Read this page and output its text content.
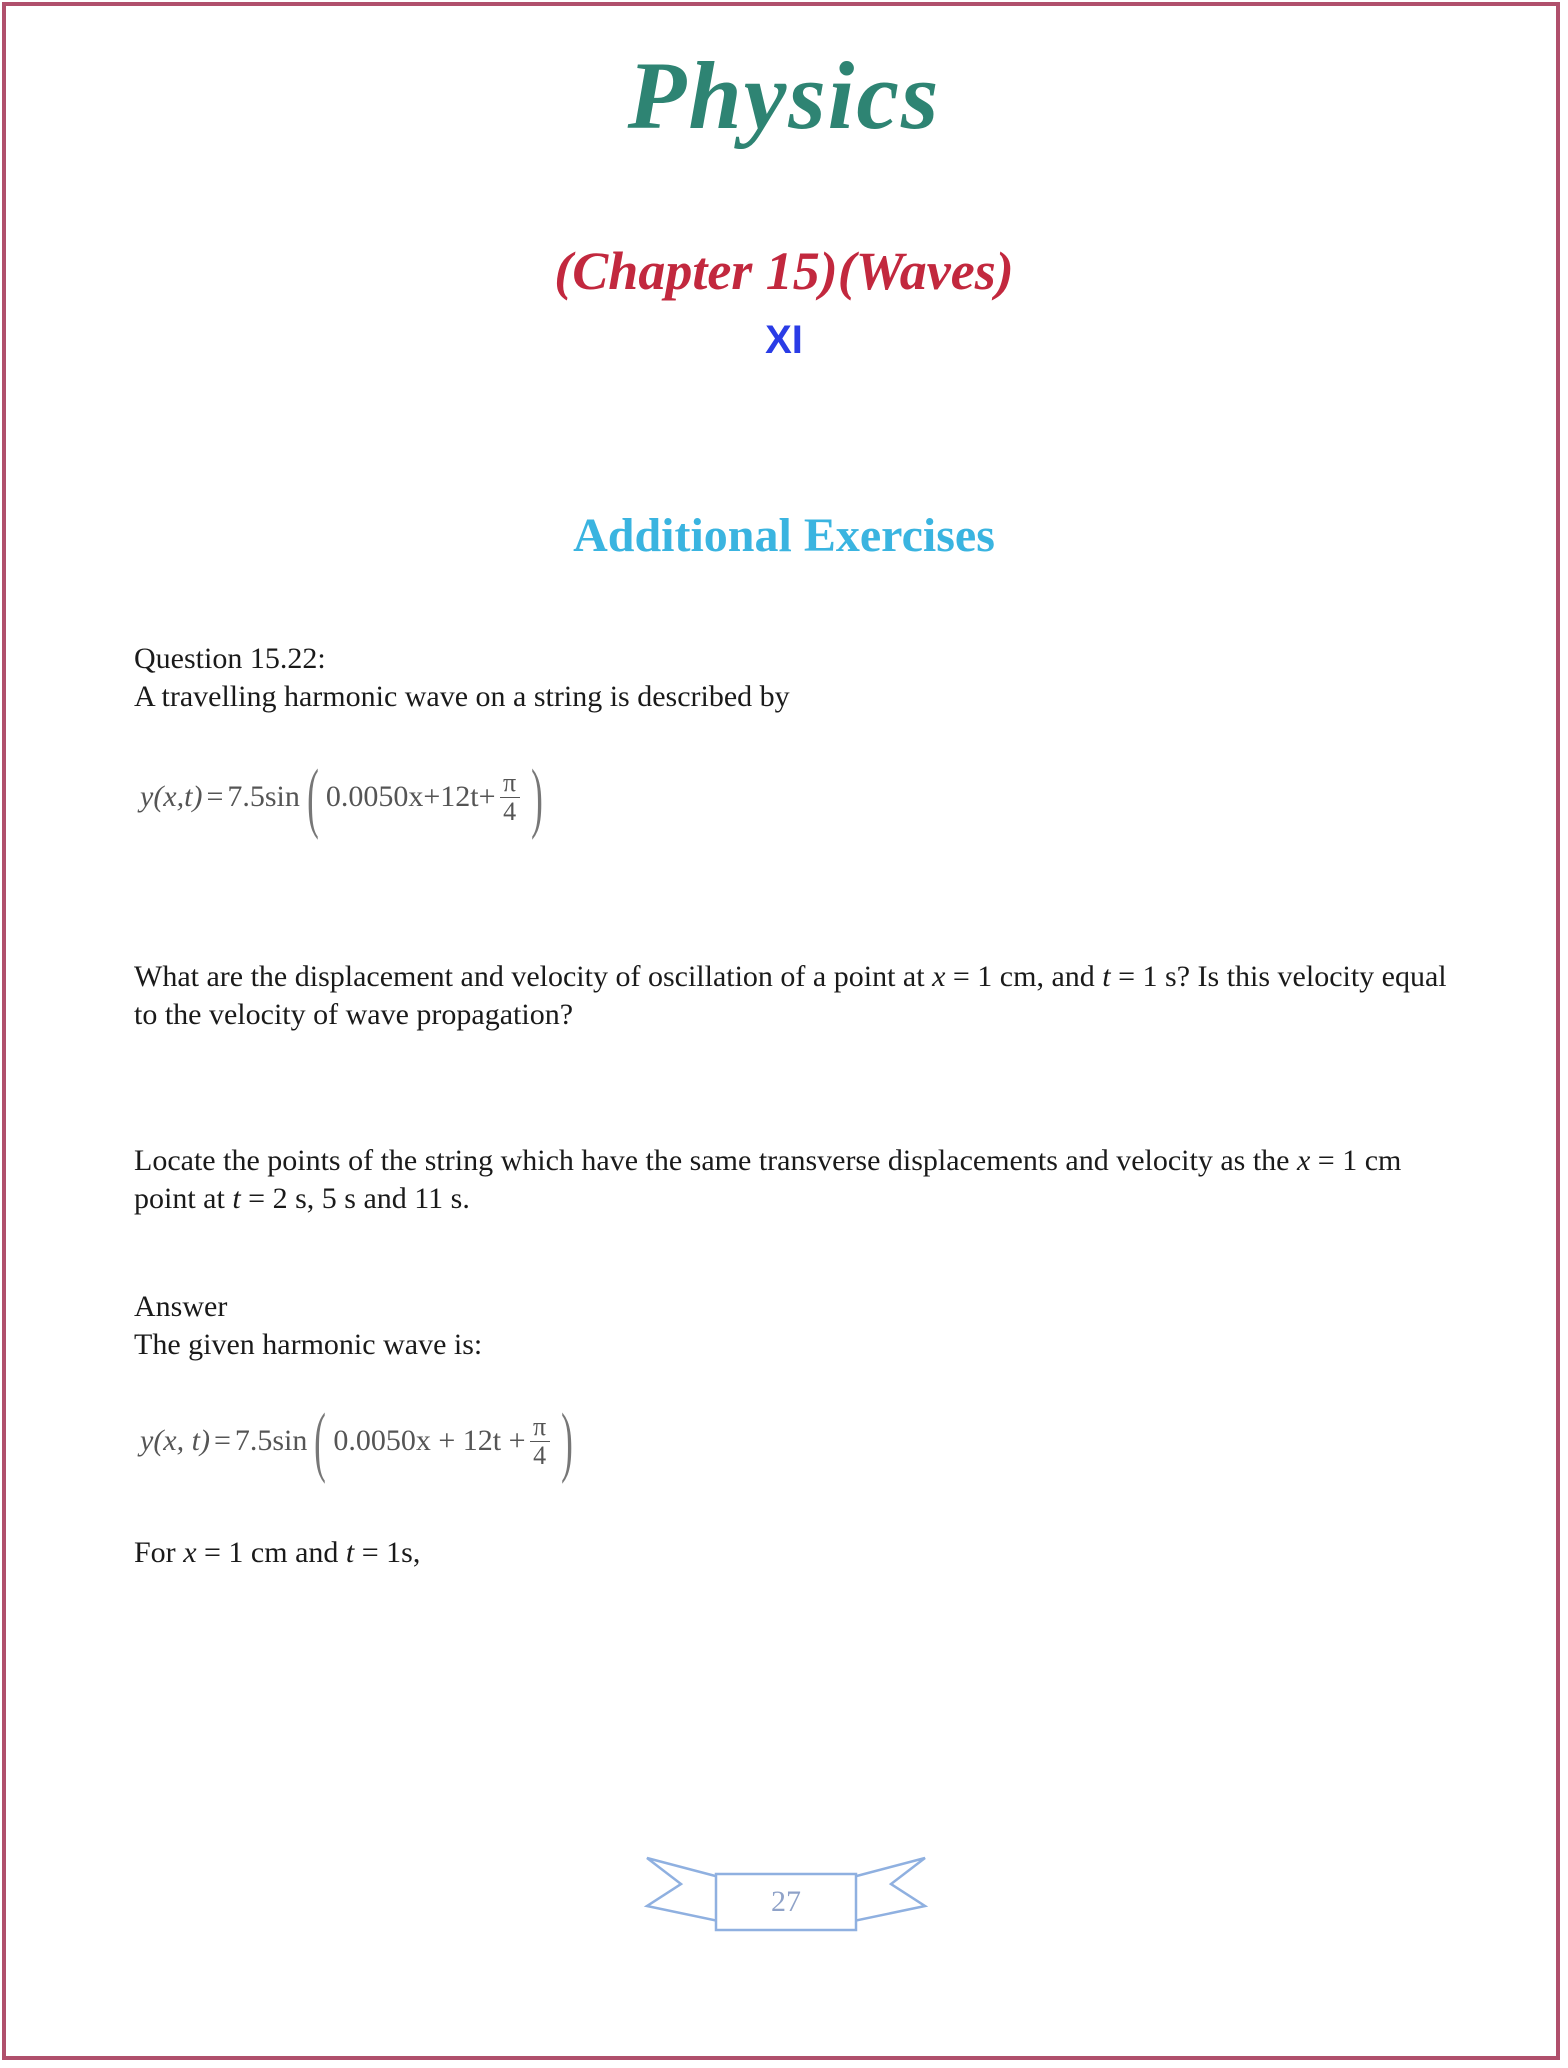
Physics
(Chapter 15)(Waves)
XI
Additional Exercises
Question 15.22:
A travelling harmonic wave on a string is described by
y(x,t) = 7.5sin ( $0.0050x+12t+ \frac{\pi}{4}$ )
What are the displacement and velocity of oscillation of a point at x = 1 cm, and t = 1 s? Is this velocity equal to the velocity of wave propagation?
Locate the points of the string which have the same transverse displacements and velocity as the x = 1 cm point at t = 2 s, 5 s and 11 s.
Answer
The given harmonic wave is:
y(x, t) = 7.5sin ( $0.0050x + 12t + \frac{\pi}{4}$ )
For x = 1 cm and t = 1s,
27
